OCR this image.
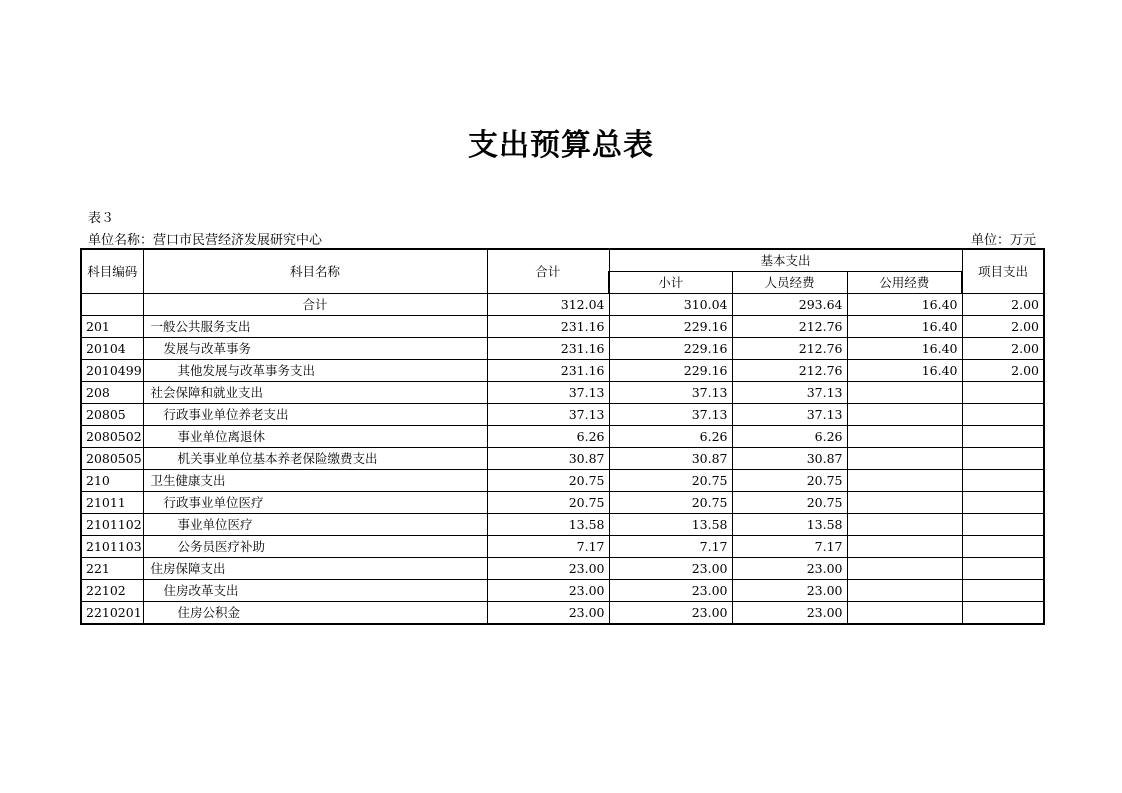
支出预算总表
表３
单位名称：营口市民营经济发展研究中心	单位：万元
科目编码	科目名称	合计	基本支出			项目支出
			小计	人员经费	公用经费	
	合计	312.04	310.04	293.64	16.40	2.00
201	一般公共服务支出	231.16	229.16	212.76	16.40	2.00
20104	发展与改革事务	231.16	229.16	212.76	16.40	2.00
2010499	其他发展与改革事务支出	231.16	229.16	212.76	16.40	2.00
208	社会保障和就业支出	37.13	37.13	37.13		
20805	行政事业单位养老支出	37.13	37.13	37.13		
2080502	事业单位离退休	6.26	6.26	6.26		
2080505	机关事业单位基本养老保险缴费支出	30.87	30.87	30.87		
210	卫生健康支出	20.75	20.75	20.75		
21011	行政事业单位医疗	20.75	20.75	20.75		
2101102	事业单位医疗	13.58	13.58	13.58		
2101103	公务员医疗补助	7.17	7.17	7.17		
221	住房保障支出	23.00	23.00	23.00		
22102	住房改革支出	23.00	23.00	23.00		
2210201	住房公积金	23.00	23.00	23.00		
